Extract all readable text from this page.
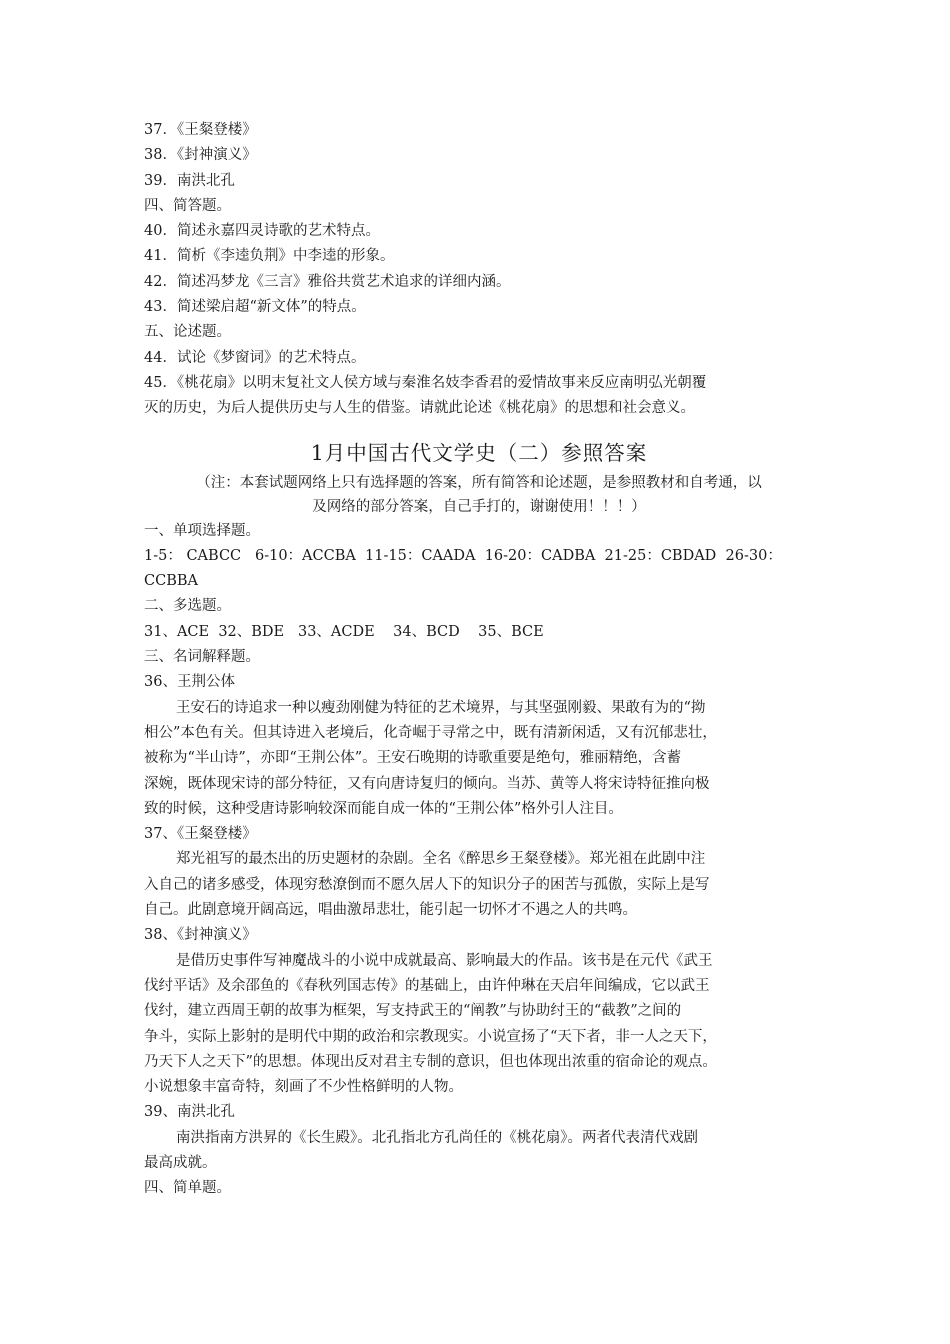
37．《王粲登楼》
38．《封神演义》
39．南洪北孔
四、简答题。
40．简述永嘉四灵诗歌的艺术特点。
41．简析《李逵负荆》中李逵的形象。
42．简述冯梦龙《三言》雅俗共赏艺术追求的详细内涵。
43．简述梁启超“新文体”的特点。
五、论述题。
44．试论《梦窗词》的艺术特点。
45．《桃花扇》以明末复社文人侯方域与秦淮名妓李香君的爱情故事来反应南明弘光朝覆
灭的历史，为后人提供历史与人生的借鉴。请就此论述《桃花扇》的思想和社会意义。
1月中国古代文学史（二）参照答案
（注：本套试题网络上只有选择题的答案，所有简答和论述题，是参照教材和自考通，以
及网络的部分答案，自己手打的，谢谢使用！！！）
一、单项选择题。
1-5： CABCC   6-10：ACCBA  11-15：CAADA  16-20：CADBA  21-25：CBDAD  26-30：
CCBBA
二、多选题。
31、ACE  32、BDE   33、ACDE    34、BCD    35、BCE
三、名词解释题。
36、王荆公体
王安石的诗追求一种以瘦劲刚健为特征的艺术境界，与其坚强刚毅、果敢有为的“拗
相公”本色有关。但其诗进入老境后，化奇崛于寻常之中，既有清新闲适，又有沉郁悲壮，
被称为“半山诗”，亦即“王荆公体”。王安石晚期的诗歌重要是绝句，雅丽精绝，含蓄
深婉，既体现宋诗的部分特征，又有向唐诗复归的倾向。当苏、黄等人将宋诗特征推向极
致的时候，这种受唐诗影响较深而能自成一体的“王荆公体”格外引人注目。
37、《王粲登楼》
郑光祖写的最杰出的历史题材的杂剧。全名《醉思乡王粲登楼》。郑光祖在此剧中注
入自己的诸多感受，体现穷愁潦倒而不愿久居人下的知识分子的困苦与孤傲，实际上是写
自己。此剧意境开阔高远，唱曲激昂悲壮，能引起一切怀才不遇之人的共鸣。
38、《封神演义》
是借历史事件写神魔战斗的小说中成就最高、影响最大的作品。该书是在元代《武王
伐纣平话》及余邵鱼的《春秋列国志传》的基础上，由许仲琳在天启年间编成，它以武王
伐纣，建立西周王朝的故事为框架，写支持武王的“阐教”与协助纣王的“截教”之间的
争斗，实际上影射的是明代中期的政治和宗教现实。小说宣扬了“天下者，非一人之天下，
乃天下人之天下”的思想。体现出反对君主专制的意识，但也体现出浓重的宿命论的观点。
小说想象丰富奇特，刻画了不少性格鲜明的人物。
39、南洪北孔
南洪指南方洪昇的《长生殿》。北孔指北方孔尚任的《桃花扇》。两者代表清代戏剧
最高成就。
四、简单题。
